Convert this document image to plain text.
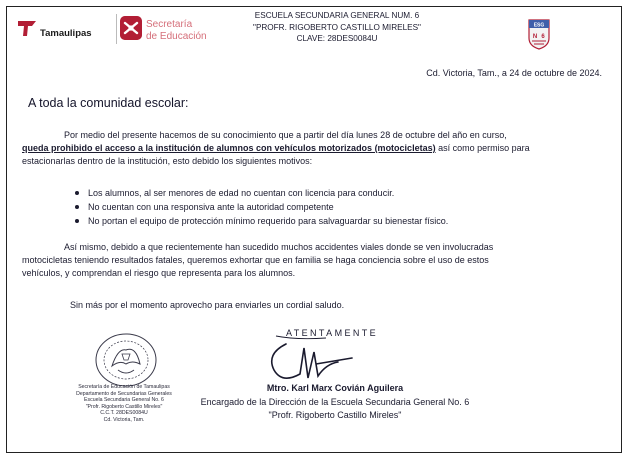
Tamaulipas
Secretaría
de Educación
ESCUELA SECUNDARIA GENERAL NUM. 6
"PROFR. RIGOBERTO CASTILLO MIRELES"
CLAVE: 28DES0084U
ESG
N 6
Cd. Victoria, Tam., a 24 de octubre de 2024.
A toda la comunidad escolar:
Por medio del presente hacemos de su conocimiento que a partir del día lunes 28 de octubre del año en curso,
queda prohibido el acceso a la institución de alumnos con vehículos motorizados (motocicletas) así como permiso para
estacionarlas dentro de la institución, esto debido los siguientes motivos:
Los alumnos, al ser menores de edad no cuentan con licencia para conducir.
No cuentan con una responsiva ante la autoridad competente
No portan el equipo de protección mínimo requerido para salvaguardar su bienestar físico.
Así mismo, debido a que recientemente han sucedido muchos accidentes viales donde se ven involucradas
motocicletas teniendo resultados fatales, queremos exhortar que en familia se haga conciencia sobre el uso de estos
vehículos, y comprendan el riesgo que representa para los alumnos.
Sin más por el momento aprovecho para enviarles un cordial saludo.
Secretaría de Educación de Tamaulipas
Departamento de Secundarias Generales
Escuela Secundaria General No. 6
"Profr. Rigoberto Castillo Mireles"
C.C.T. 28DES0084U
Cd. Victoria, Tam.
ATENTAMENTE
Mtro. Karl Marx Covián Aguilera
Encargado de la Dirección de la Escuela Secundaria General No. 6
"Profr. Rigoberto Castillo Mireles"
